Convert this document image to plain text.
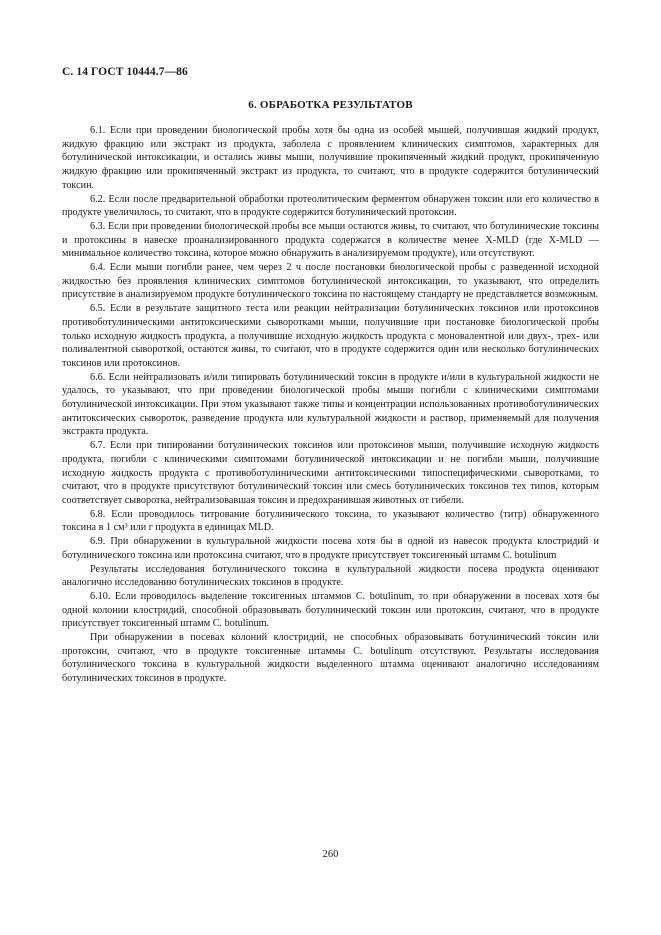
С. 14 ГОСТ 10444.7—86
6. ОБРАБОТКА РЕЗУЛЬТАТОВ

6.1. Если при проведении биологической пробы хотя бы одна из особей мышей, получившая жидкий продукт, жидкую фракцию или экстракт из продукта, заболела с проявлением клинических симптомов, характерных для ботулинической интоксикации, и остались живы мыши, получившие прокипяченный жидкий продукт, прокипяченную жидкую фракцию или прокипяченный экстракт из продукта, то считают, что в продукте содержится ботулинический токсин.

6.2. Если после предварительной обработки протеолитическим ферментом обнаружен токсин или его количество в продукте увеличилось, то считают, что в продукте содержится ботулинический протоксин.

6.3. Если при проведении биологической пробы все мыши остаются живы, то считают, что ботулинические токсины и протоксины в навеске проанализированного продукта содержатся в количестве менее X-MLD (где X-MLD — минимальное количество токсина, которое можно обнаружить в анализируемом продукте), или отсутствуют.

6.4. Если мыши погибли ранее, чем через 2 ч после постановки биологической пробы с разведенной исходной жидкостью без проявления клинических симптомов ботулинической интоксикации, то указывают, что определить присутствие в анализируемом продукте ботулинического токсина по настоящему стандарту не представляется возможным.

6.5. Если в результате защитного теста или реакции нейтрализации ботулинических токсинов или протоксинов противоботулиническими антитоксическими сыворотками мыши, получившие при постановке биологической пробы только исходную жидкость продукта, а получившие исходную жидкость продукта с моновалентной или двух-, трех- или поливалентной сывороткой, остаются живы, то считают, что в продукте содержится один или несколько ботулинических токсинов или протоксинов.

6.6. Если нейтрализовать и/или типировать ботулинический токсин в продукте и/или в культуральной жидкости не удалось, то указывают, что при проведении биологической пробы мыши погибли с клиническими симптомами ботулинической интоксикации. При этом указывают также типы и концентрации использованных противоботулинических антитоксических сывороток, разведение продукта или культуральной жидкости и раствор, применяемый для получения экстракта продукта.

6.7. Если при типировании ботулинических токсинов или протоксинов мыши, получившие исходную жидкость продукта, погибли с клиническими симптомами ботулинической интоксикации и не погибли мыши, получившие исходную жидкость продукта с противоботулиническими антитоксическими типоспецифическими сыворотками, то считают, что в продукте присутствуют ботулинический токсин или смесь ботулинических токсинов тех типов, которым соответствует сыворотка, нейтрализовавшая токсин и предохранившая животных от гибели.

6.8. Если проводилось титрование ботулинического токсина, то указывают количество (титр) обнаруженного токсина в 1 см³ или г продукта в единицах MLD.

6.9. При обнаружении в культуральной жидкости посева хотя бы в одной из навесок продукта клостридий и ботулинического токсина или протоксина считают, что в продукте присутствует токсигенный штамм C. botulinum

Результаты исследования ботулинического токсина в культуральной жидкости посева продукта оценивают аналогично исследованию ботулинических токсинов в продукте.

6.10. Если проводилось выделение токсигенных штаммов C. botulinum, то при обнаружении в посевах хотя бы одной колонии клостридий, способной образовывать ботулинический токсин или протоксин, считают, что в продукте присутствует токсигенный штамм C. botulinum.

При обнаружении в посевах колоний клостридий, не способных образовывать ботулинический токсин или протоксин, считают, что в продукте токсигенные штаммы C. botulinum отсутствуют. Результаты исследования ботулинического токсина в культуральной жидкости выделенного штамма оценивают аналогично исследованиям ботулинических токсинов в продукте.

260
